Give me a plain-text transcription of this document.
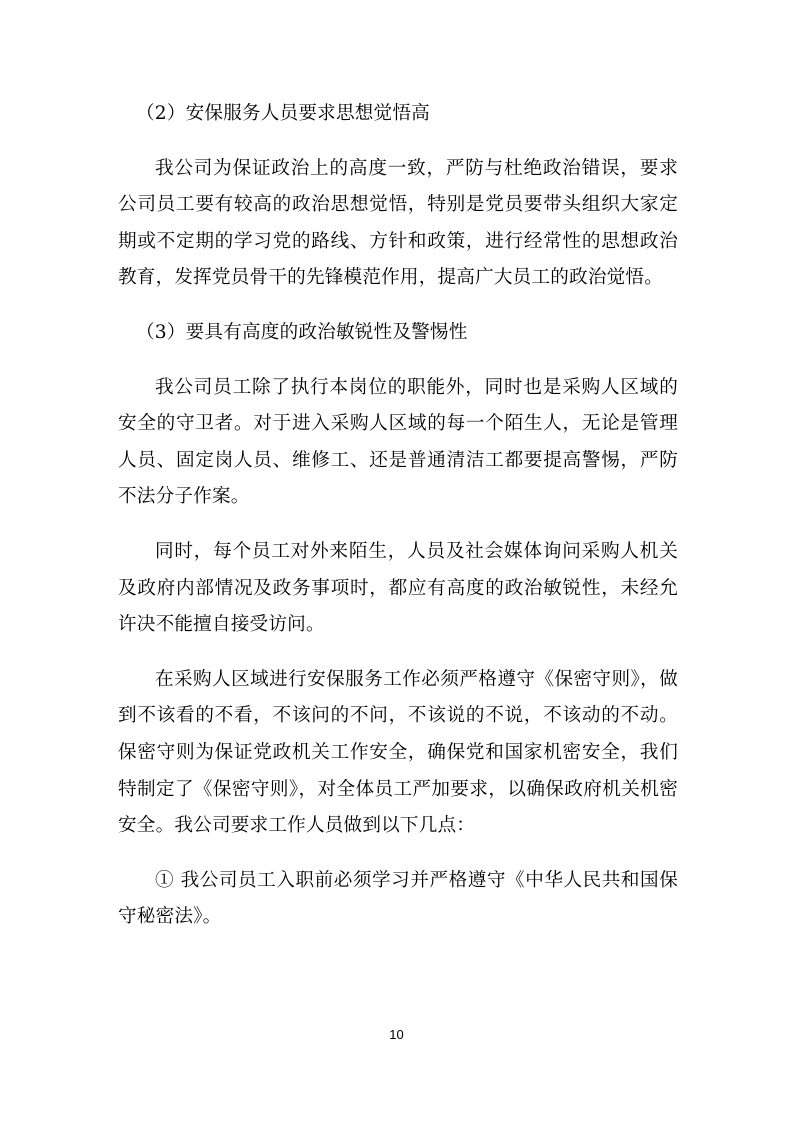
（2）安保服务人员要求思想觉悟高

我公司为保证政治上的高度一致，严防与杜绝政治错误，要求公司员工要有较高的政治思想觉悟，特别是党员要带头组织大家定期或不定期的学习党的路线、方针和政策，进行经常性的思想政治教育，发挥党员骨干的先锋模范作用，提高广大员工的政治觉悟。

（3）要具有高度的政治敏锐性及警惕性

我公司员工除了执行本岗位的职能外，同时也是采购人区域的安全的守卫者。对于进入采购人区域的每一个陌生人，无论是管理人员、固定岗人员、维修工、还是普通清洁工都要提高警惕，严防不法分子作案。

同时，每个员工对外来陌生，人员及社会媒体询问采购人机关及政府内部情况及政务事项时，都应有高度的政治敏锐性，未经允许决不能擅自接受访问。

在采购人区域进行安保服务工作必须严格遵守《保密守则》，做到不该看的不看，不该问的不问，不该说的不说，不该动的不动。保密守则为保证党政机关工作安全，确保党和国家机密安全，我们特制定了《保密守则》，对全体员工严加要求，以确保政府机关机密安全。我公司要求工作人员做到以下几点：

① 我公司员工入职前必须学习并严格遵守《中华人民共和国保守秘密法》。

10
